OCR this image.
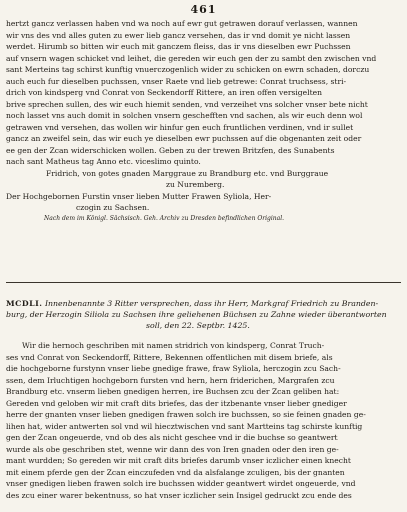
461
hertzt gancz verlassen haben vnd wa noch auf ewr gut getrawen dorauf verlassen, wannen
wir vns des vnd alles guten zu ewer lieb gancz versehen, das ir vnd domit ye nicht lassen
werdet. Hirumb so bitten wir euch mit ganczem fleiss, das ir vns dieselben ewr Puchssen
auf vnsern wagen schicket vnd leihet, die gereden wir euch gen der zu sambt den zwischen vnd
sant Merteins tag schirst kunftig vnuerczogenlich wider zu schicken on ewrn schaden, dorczu
auch euch fur dieselben puchssen, vnser Raete vnd lieb getrewe: Conrat truchsess, stri-
drich von kindsperg vnd Conrat von Seckendorff Rittere, an iren offen versigelten
brive sprechen sullen, des wir euch hiemit senden, vnd verzeihet vns solcher vnser bete nicht
noch lasset vns auch domit in solchen vnsern geschefften vnd sachen, als wir euch denn wol
getrawen vnd versehen, das wollen wir hinfur gen euch fruntlichen verdinen, vnd ir sullet
gancz an zweifel sein, das wir euch ye dieselben ewr puchssen auf die obgenanten zeit oder
ee gen der Zcan widerschicken wollen. Geben zu der trewen Britzfen, des Sunabents
nach sant Matheus tag Anno etc. viceslimo quinto.
Fridrich, von gotes gnaden Marggraue zu Brandburg etc. vnd Burggraue
zu Nuremberg.
Der Hochgebornen Furstin vnser lieben Mutter Frawen Syliola, Her-
czogin zu Sachsen.
Nach dem im Königl. Sächsisch. Geh. Archiv zu Dresden befindlichen Original.
MCDLI. Innenbenannte 3 Ritter versprechen, dass ihr Herr, Markgraf Friedrich zu Branden-
burg, der Herzogin Siliola zu Sachsen ihre geliehenen Büchsen zu Zahne wieder überantworten
soll, den 22. Septbr. 1425.
Wir die hernoch geschriben mit namen stridrich von kindsperg, Conrat Truch-
ses vnd Conrat von Seckendorff, Rittere, Bekennen offentlichen mit disem briefe, als
die hochgeborne furstynn vnser liebe gnedige frawe, fraw Syliola, herczogin zcu Sach-
ssen, dem Irluchtigen hochgeborn fursten vnd hern, hern friderichen, Margrafen zcu
Brandburg etc. vnserm lieben gnedigen herren, ire Buchsen zcu der Zcan geliben hat:
Gereden vnd geloben wir mit craft dits briefes, das der itzbenante vnser lieber gnediger
herre der gnanten vnser lieben gnedigen frawen solch ire buchssen, so sie feinen gnaden ge-
lihen hat, wider antwerten sol vnd wil hiecztwischen vnd sant Martteins tag schirste kunftig
gen der Zcan ongeuerde, vnd ob des als nicht geschee vnd ir die buchse so geantwert
wurde als obe geschriben stet, wenne wir dann des von Iren gnaden oder den iren ge-
mant wurdden; So gereden wir mit craft dits briefes darumb vnser iczlicher einen knecht
mit einem pferde gen der Zcan einczufeden vnd da alsfalange zculigen, bis der gnanten
vnser gnedigen lieben frawen solch ire buchssen widder geantwert wirdet ongeuerde, vnd
des zcu einer warer bekentnuss, so hat vnser iczlicher sein Insigel gedruckt zcu ende des
